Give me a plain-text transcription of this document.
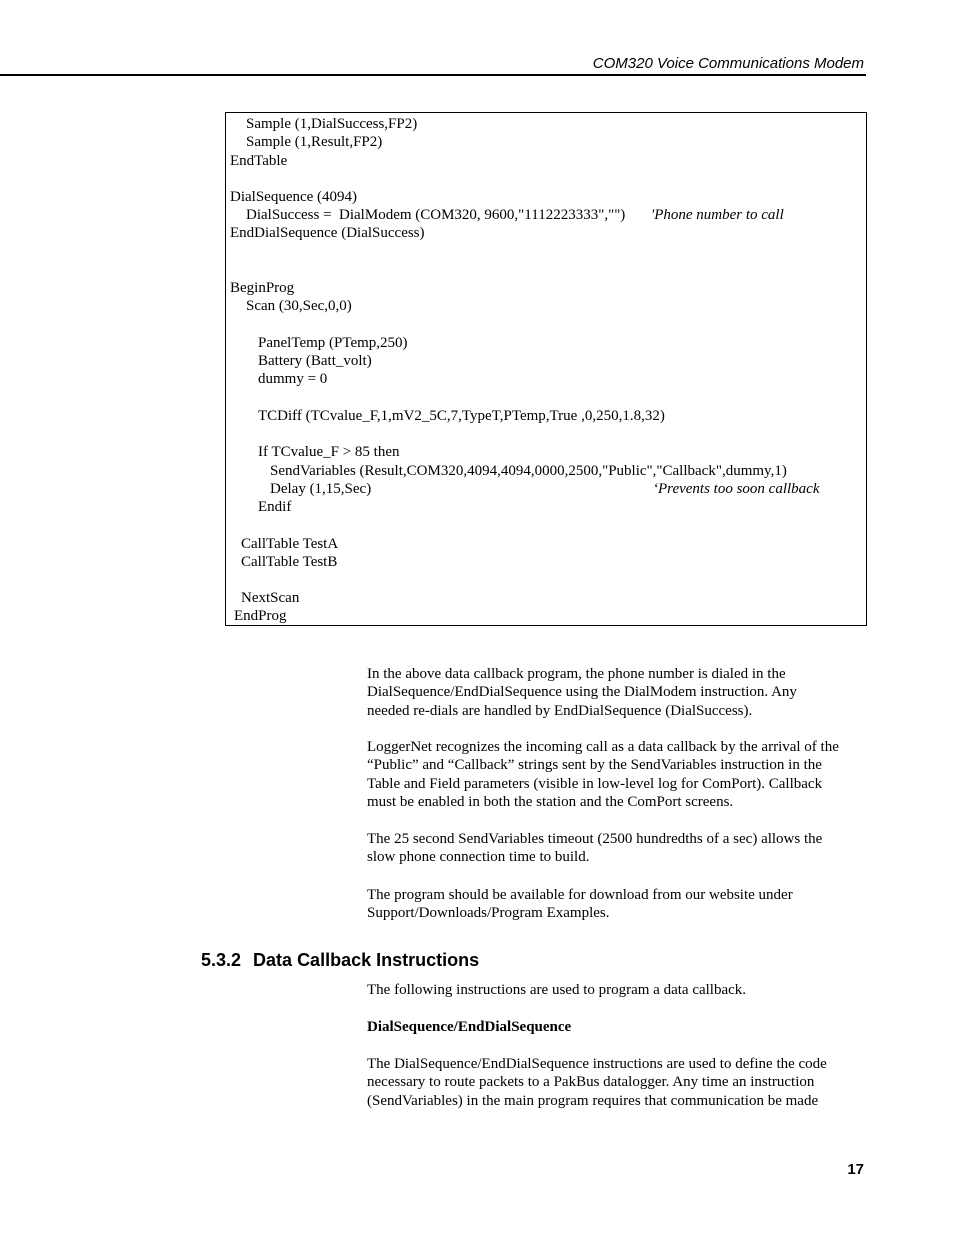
COM320 Voice Communications Modem
Sample (1,DialSuccess,FP2)
Sample (1,Result,FP2)
EndTable
DialSequence (4094)
DialSuccess =  DialModem (COM320, 9600,"1112223333","") 'Phone number to call
EndDialSequence (DialSuccess)
BeginProg
Scan (30,Sec,0,0)
PanelTemp (PTemp,250)
Battery (Batt_volt)
dummy = 0
TCDiff (TCvalue_F,1,mV2_5C,7,TypeT,PTemp,True ,0,250,1.8,32)
If TCvalue_F > 85 then
SendVariables (Result,COM320,4094,4094,0000,2500,"Public","Callback",dummy,1)
Delay (1,15,Sec)	‘Prevents too soon callback
Endif
CallTable TestA
CallTable TestB
NextScan
EndProg

In the above data callback program, the phone number is dialed in the
DialSequence/EndDialSequence using the DialModem instruction. Any
needed re-dials are handled by EndDialSequence (DialSuccess).

LoggerNet recognizes the incoming call as a data callback by the arrival of the
“Public” and “Callback” strings sent by the SendVariables instruction in the
Table and Field parameters (visible in low-level log for ComPort). Callback
must be enabled in both the station and the ComPort screens.

The 25 second SendVariables timeout (2500 hundredths of a sec) allows the
slow phone connection time to build.

The program should be available for download from our website under
Support/Downloads/Program Examples.

5.3.2 Data Callback Instructions

The following instructions are used to program a data callback.

DialSequence/EndDialSequence

The DialSequence/EndDialSequence instructions are used to define the code
necessary to route packets to a PakBus datalogger. Any time an instruction
(SendVariables) in the main program requires that communication be made

17
